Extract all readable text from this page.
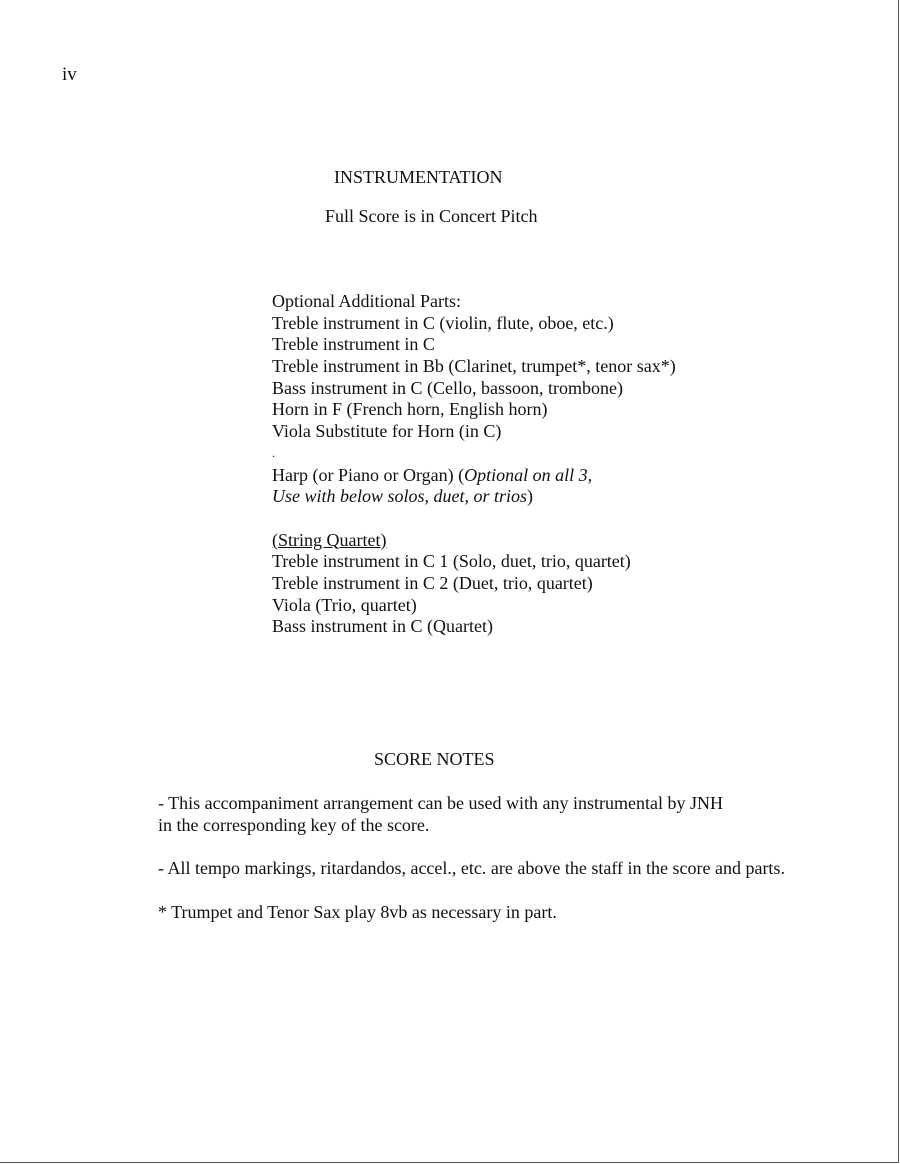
iv
INSTRUMENTATION
Full Score is in Concert Pitch
Optional Additional Parts:
Treble instrument in C (violin, flute, oboe, etc.)
Treble instrument in C
Treble instrument in Bb (Clarinet, trumpet*, tenor sax*)
Bass instrument in C (Cello, bassoon, trombone)
Horn in F (French horn, English horn)
Viola Substitute for Horn (in C)
.
Harp (or Piano or Organ) (Optional on all 3,
Use with below solos, duet, or trios)
(String Quartet)
Treble instrument in C 1 (Solo, duet, trio, quartet)
Treble instrument in C 2 (Duet, trio, quartet)
Viola (Trio, quartet)
Bass instrument in C (Quartet)
SCORE NOTES
- This accompaniment arrangement can be used with any instrumental by JNH
in the corresponding key of the score.
- All tempo markings, ritardandos, accel., etc. are above the staff in the score and parts.
* Trumpet and Tenor Sax play 8vb as necessary in part.
